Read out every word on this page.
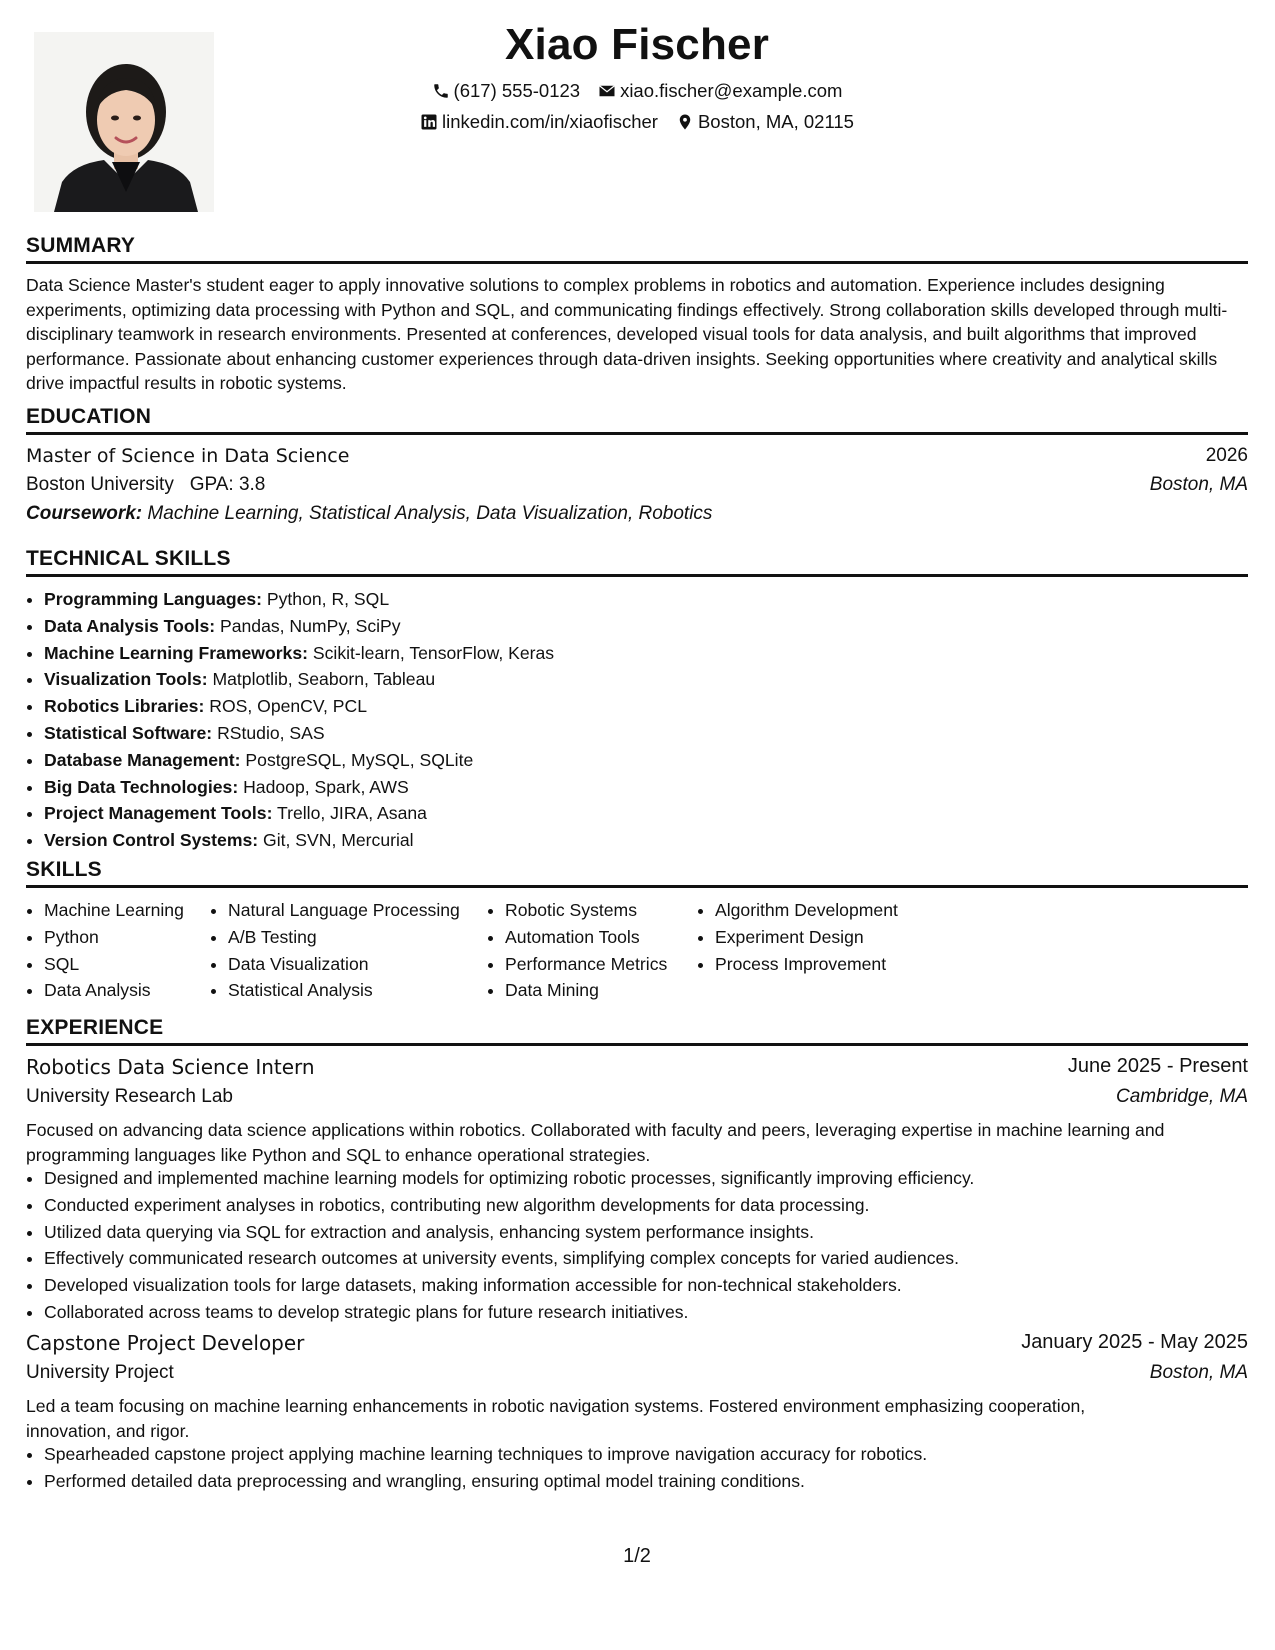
Xiao Fischer
(617) 555-0123 xiao.fischer@example.com
linkedin.com/in/xiaofischer Boston, MA, 02115
SUMMARY

Data Science Master's student eager to apply innovative solutions to complex problems in robotics and automation. Experience includes designing experiments, optimizing data processing with Python and SQL, and communicating findings effectively. Strong collaboration skills developed through multi-disciplinary teamwork in research environments. Presented at conferences, developed visual tools for data analysis, and built algorithms that improved performance. Passionate about enhancing customer experiences through data-driven insights. Seeking opportunities where creativity and analytical skills drive impactful results in robotic systems.

EDUCATION
Master of Science in Data Science	2026
Boston University GPA: 3.8	Boston, MA
Coursework:
Machine Learning, Statistical Analysis, Data Visualization, Robotics
TECHNICAL SKILLS
• Programming Languages: Python, R, SQL
• Data Analysis Tools: Pandas, NumPy, SciPy
• Machine Learning Frameworks: Scikit-learn, TensorFlow, Keras
• Visualization Tools: Matplotlib, Seaborn, Tableau
• Robotics Libraries: ROS, OpenCV, PCL
• Statistical Software: RStudio, SAS
• Database Management: PostgreSQL, MySQL, SQLite
• Big Data Technologies: Hadoop, Spark, AWS
• Project Management Tools: Trello, JIRA, Asana
• Version Control Systems: Git, SVN, Mercurial
SKILLS
• Machine Learning
• Python
• SQL
• Data Analysis
• Natural Language Processing
• A/B Testing
• Data Visualization
• Statistical Analysis
• Robotic Systems
• Automation Tools
• Performance Metrics
• Data Mining
• Algorithm Development
• Experiment Design
• Process Improvement
EXPERIENCE
Robotics Data Science Intern	June 2025 - Present
University Research Lab	Cambridge, MA

Focused on advancing data science applications within robotics. Collaborated with faculty and peers, leveraging expertise in machine learning and programming languages like Python and SQL to enhance operational strategies.

• Designed and implemented machine learning models for optimizing robotic processes, significantly improving efficiency.
• Conducted experiment analyses in robotics, contributing new algorithm developments for data processing.
• Utilized data querying via SQL for extraction and analysis, enhancing system performance insights.
• Effectively communicated research outcomes at university events, simplifying complex concepts for varied audiences.
• Developed visualization tools for large datasets, making information accessible for non-technical stakeholders.
• Collaborated across teams to develop strategic plans for future research initiatives.
Capstone Project Developer	January 2025 - May 2025
University Project	Boston, MA

Led a team focusing on machine learning enhancements in robotic navigation systems. Fostered environment emphasizing cooperation, innovation, and rigor.

• Spearheaded capstone project applying machine learning techniques to improve navigation accuracy for robotics.
• Performed detailed data preprocessing and wrangling, ensuring optimal model training conditions.
1/2
